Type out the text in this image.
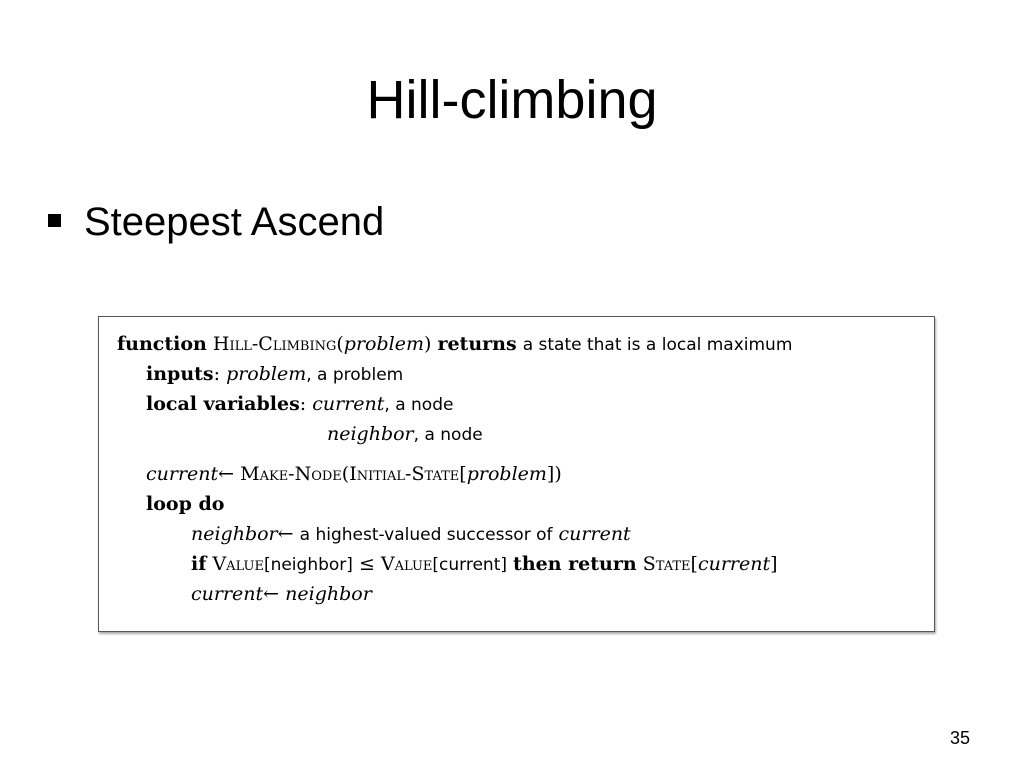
Hill-climbing
Steepest Ascend
function Hill-Climbing(problem) returns a state that is a local maximum
inputs: problem, a problem
local variables: current, a node
neighbor, a node
current← Make-Node(Initial-State[problem])
loop do
neighbor← a highest-valued successor of current
if Value[neighbor] ≤ Value[current] then return State[current]
current← neighbor
35
